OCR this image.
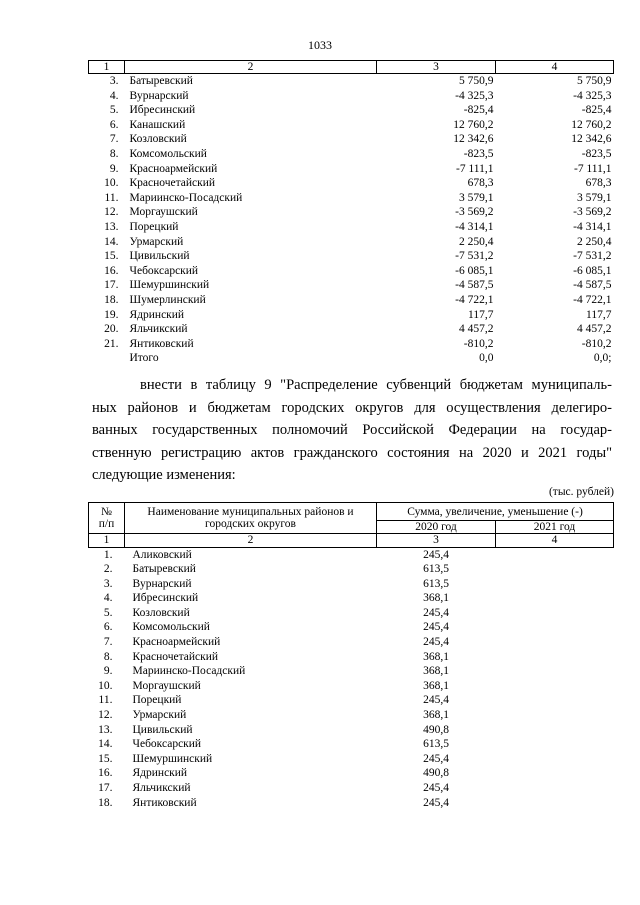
1033
1	2	3	4
3.	Батыревский	5 750,9	5 750,9
4.	Вурнарский	-4 325,3	-4 325,3
5.	Ибресинский	-825,4	-825,4
6.	Канашский	12 760,2	12 760,2
7.	Козловский	12 342,6	12 342,6
8.	Комсомольский	-823,5	-823,5
9.	Красноармейский	-7 111,1	-7 111,1
10.	Красночетайский	678,3	678,3
11.	Мариинско-Посадский	3 579,1	3 579,1
12.	Моргаушский	-3 569,2	-3 569,2
13.	Порецкий	-4 314,1	-4 314,1
14.	Урмарский	2 250,4	2 250,4
15.	Цивильский	-7 531,2	-7 531,2
16.	Чебоксарский	-6 085,1	-6 085,1
17.	Шемуршинский	-4 587,5	-4 587,5
18.	Шумерлинский	-4 722,1	-4 722,1
19.	Ядринский	117,7	117,7
20.	Яльчикский	4 457,2	4 457,2
21.	Янтиковский	-810,2	-810,2
	Итого	0,0	0,0;
внести в таблицу 9 "Распределение субвенций бюджетам муниципаль-
ных районов и бюджетам городских округов для осуществления делегиро-
ванных государственных полномочий Российской Федерации на государ-
ственную регистрацию актов гражданского состояния на 2020 и 2021 годы"
следующие изменения:
(тыс. рублей)
№ п/п	Наименование муниципальных районов и городских округов	Сумма, увеличение, уменьшение (-)	
		2020 год	2021 год
1	2	3	4
1.	Аликовский	245,4	
2.	Батыревский	613,5	
3.	Вурнарский	613,5	
4.	Ибресинский	368,1	
5.	Козловский	245,4	
6.	Комсомольский	245,4	
7.	Красноармейский	245,4	
8.	Красночетайский	368,1	
9.	Мариинско-Посадский	368,1	
10.	Моргаушский	368,1	
11.	Порецкий	245,4	
12.	Урмарский	368,1	
13.	Цивильский	490,8	
14.	Чебоксарский	613,5	
15.	Шемуршинский	245,4	
16.	Ядринский	490,8	
17.	Яльчикский	245,4	
18.	Янтиковский	245,4	
